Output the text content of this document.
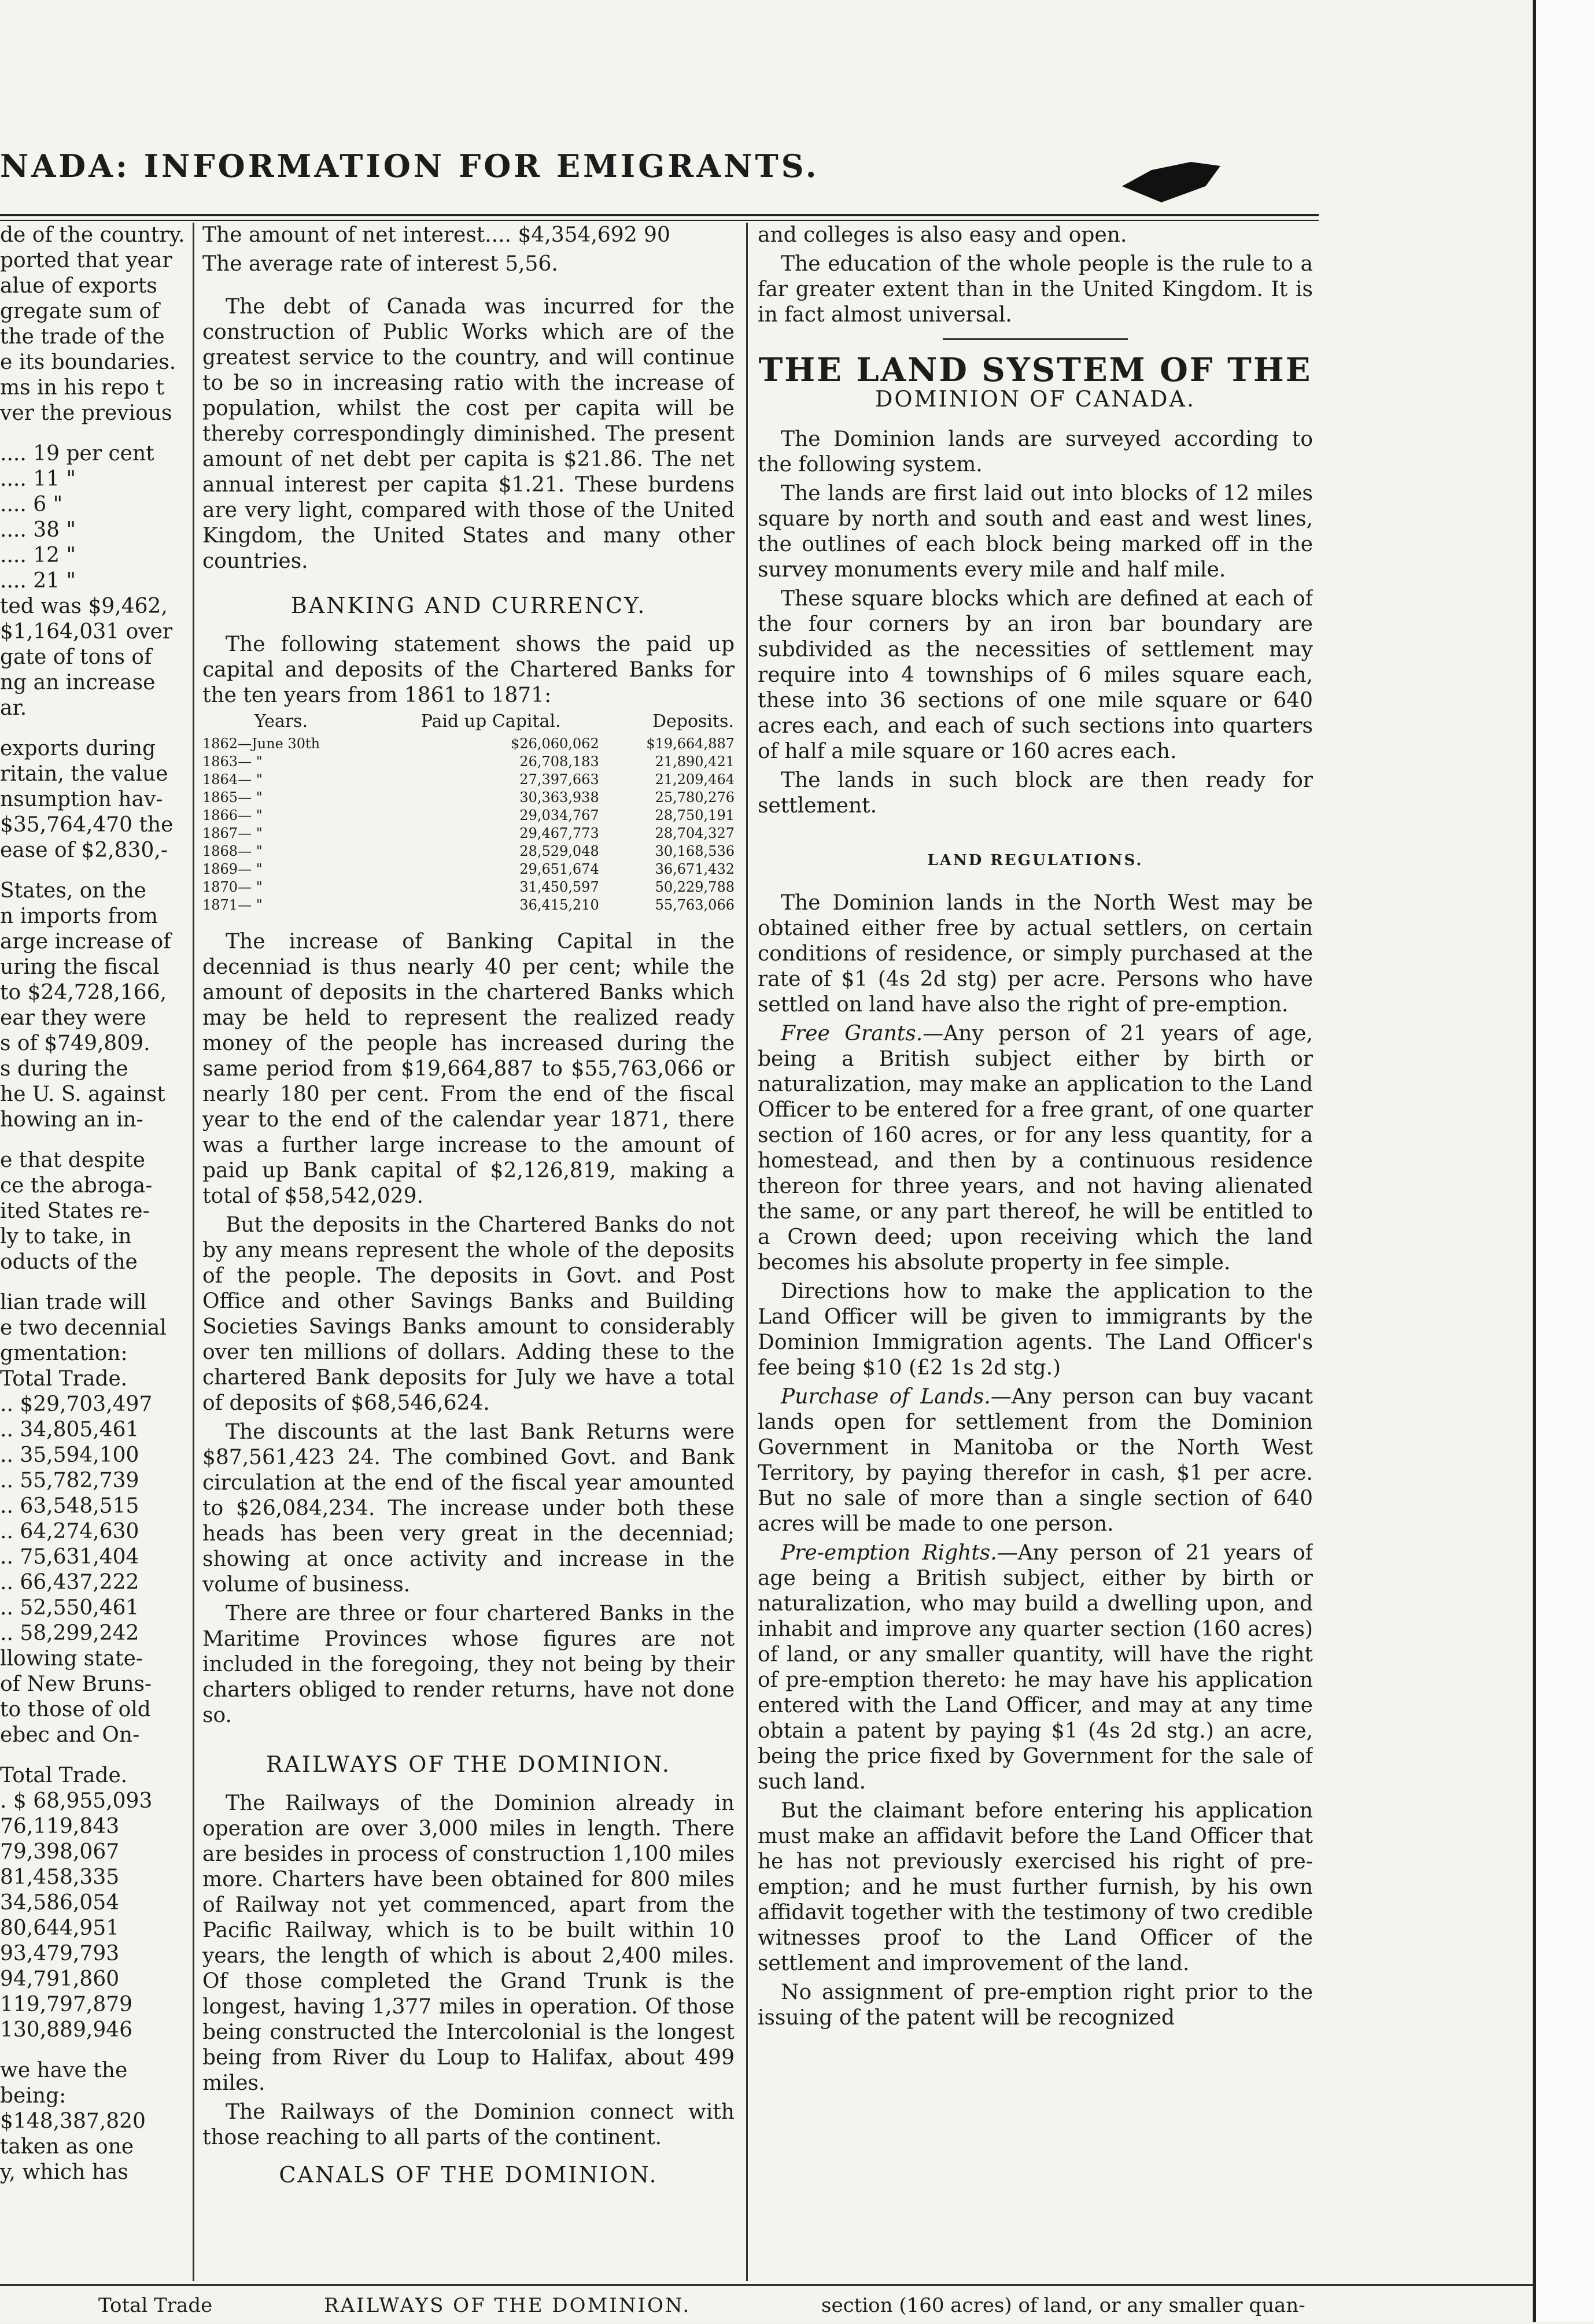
NADA: INFORMATION FOR EMIGRANTS.

de of the country.

ported that year

alue of exports

gregate sum of

the trade of the

e its boundaries.

ms in his repo t

ver the previous

.... 19 per cent

.... 11 "

.... 6 "

.... 38 "

.... 12 "

.... 21 "

ted was $9,462,

$1,164,031 over

gate of tons of

ng an increase

ar.

exports during

ritain, the value

nsumption hav-

$35,764,470 the

ease of $2,830,-

States, on the

n imports from

arge increase of

uring the fiscal

to $24,728,166,

ear they were

s of $749,809.

s during the

he U. S. against

howing an in-

e that despite

ce the abroga-

ited States re-

ly to take, in

oducts of the

lian trade will

e two decennial

gmentation:

Total Trade.

.. $29,703,497

.. 34,805,461

.. 35,594,100

.. 55,782,739

.. 63,548,515

.. 64,274,630

.. 75,631,404

.. 66,437,222

.. 52,550,461

.. 58,299,242

llowing state-

of New Bruns-

to those of old

ebec and On-

Total Trade.

. $ 68,955,093

76,119,843

79,398,067

81,458,335

34,586,054

80,644,951

93,479,793

94,791,860

119,797,879

130,889,946

we have the

being:

$148,387,820

taken as one

y, which has

The amount of net interest.... $4,354,692 90

The average rate of interest 5,56.

The debt of Canada was incurred for the construction of Public Works which are of the greatest service to the country, and will continue to be so in increasing ratio with the increase of population, whilst the cost per capita will be thereby correspondingly diminished. The present amount of net debt per capita is $21.86. The net annual interest per capita $1.21. These burdens are very light, compared with those of the United Kingdom, the United States and many other countries.

BANKING AND CURRENCY.

The following statement shows the paid up capital and deposits of the Chartered Banks for the ten years from 1861 to 1871:

Years.	Paid up Capital.	Deposits.
1862—June 30th	$26,060,062	$19,664,887
1863— "	26,708,183	21,890,421
1864— "	27,397,663	21,209,464
1865— "	30,363,938	25,780,276
1866— "	29,034,767	28,750,191
1867— "	29,467,773	28,704,327
1868— "	28,529,048	30,168,536
1869— "	29,651,674	36,671,432
1870— "	31,450,597	50,229,788
1871— "	36,415,210	55,763,066

The increase of Banking Capital in the decenniad is thus nearly 40 per cent; while the amount of deposits in the chartered Banks which may be held to represent the realized ready money of the people has increased during the same period from $19,664,887 to $55,763,066 or nearly 180 per cent. From the end of the fiscal year to the end of the calendar year 1871, there was a further large increase to the amount of paid up Bank capital of $2,126,819, making a total of $58,542,029.

But the deposits in the Chartered Banks do not by any means represent the whole of the deposits of the people. The deposits in Govt. and Post Office and other Savings Banks and Building Societies Savings Banks amount to considerably over ten millions of dollars. Adding these to the chartered Bank deposits for July we have a total of deposits of $68,546,624.

The discounts at the last Bank Returns were $87,561,423 24. The combined Govt. and Bank circulation at the end of the fiscal year amounted to $26,084,234. The increase under both these heads has been very great in the decenniad; showing at once activity and increase in the volume of business.

There are three or four chartered Banks in the Maritime Provinces whose figures are not included in the foregoing, they not being by their charters obliged to render returns, have not done so.

RAILWAYS OF THE DOMINION.

The Railways of the Dominion already in operation are over 3,000 miles in length. There are besides in process of construction 1,100 miles more. Charters have been obtained for 800 miles of Railway not yet commenced, apart from the Pacific Railway, which is to be built within 10 years, the length of which is about 2,400 miles. Of those completed the Grand Trunk is the longest, having 1,377 miles in operation. Of those being constructed the Intercolonial is the longest being from River du Loup to Halifax, about 499 miles.

The Railways of the Dominion connect with those reaching to all parts of the continent.

CANALS OF THE DOMINION.

and colleges is also easy and open.

The education of the whole people is the rule to a far greater extent than in the United Kingdom. It is in fact almost universal.

THE LAND SYSTEM OF THE
DOMINION OF CANADA.

The Dominion lands are surveyed according to the following system.

The lands are first laid out into blocks of 12 miles square by north and south and east and west lines, the outlines of each block being marked off in the survey monuments every mile and half mile.

These square blocks which are defined at each of the four corners by an iron bar boundary are subdivided as the necessities of settlement may require into 4 townships of 6 miles square each, these into 36 sections of one mile square or 640 acres each, and each of such sections into quarters of half a mile square or 160 acres each.

The lands in such block are then ready for settlement.

LAND REGULATIONS.

The Dominion lands in the North West may be obtained either free by actual settlers, on certain conditions of residence, or simply purchased at the rate of $1 (4s 2d stg) per acre. Persons who have settled on land have also the right of pre-emption.

Free Grants.—Any person of 21 years of age, being a British subject either by birth or naturalization, may make an application to the Land Officer to be entered for a free grant, of one quarter section of 160 acres, or for any less quantity, for a homestead, and then by a continuous residence thereon for three years, and not having alienated the same, or any part thereof, he will be entitled to a Crown deed; upon receiving which the land becomes his absolute property in fee simple.

Directions how to make the application to the Land Officer will be given to immigrants by the Dominion Immigration agents. The Land Officer's fee being $10 (£2 1s 2d stg.)

Purchase of Lands.—Any person can buy vacant lands open for settlement from the Dominion Government in Manitoba or the North West Territory, by paying therefor in cash, $1 per acre. But no sale of more than a single section of 640 acres will be made to one person.

Pre-emption Rights.—Any person of 21 years of age being a British subject, either by birth or naturalization, who may build a dwelling upon, and inhabit and improve any quarter section (160 acres) of land, or any smaller quantity, will have the right of pre-emption thereto: he may have his application entered with the Land Officer, and may at any time obtain a patent by paying $1 (4s 2d stg.) an acre, being the price fixed by Government for the sale of such land.

But the claimant before entering his application must make an affidavit before the Land Officer that he has not previously exercised his right of pre-emption; and he must further furnish, by his own affidavit together with the testimony of two credible witnesses proof to the Land Officer of the settlement and improvement of the land.

No assignment of pre-emption right prior to the issuing of the patent will be recognized

Total Trade	RAILWAYS OF THE DOMINION.	section (160 acres) of land, or any smaller quan-
